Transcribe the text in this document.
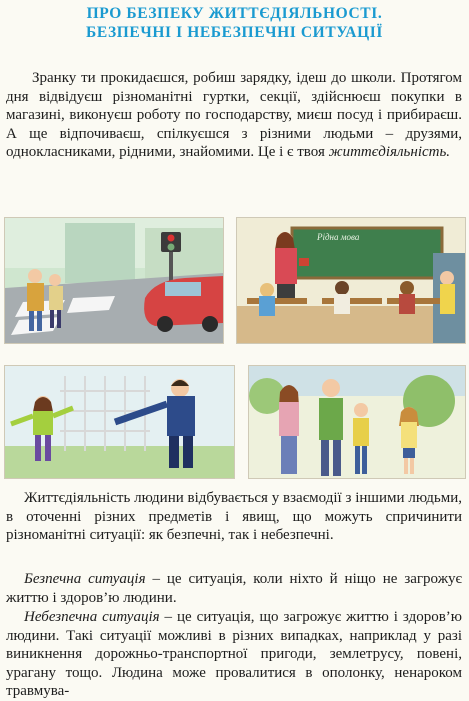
ПРО БЕЗПЕКУ ЖИТТЄДІЯЛЬНОСТІ.
БЕЗПЕЧНІ І НЕБЕЗПЕЧНІ СИТУАЦІЇ

Зранку ти прокидаєшся, робиш зарядку, ідеш до школи. Протягом дня відвідуєш різноманітні гуртки, секції, здійснюєш покупки в магазині, виконуєш роботу по господарству, миєш посуд і прибираєш. А ще відпочиваєш, спілкуєшся з різними людьми – друзями, однокласниками, рідними, знайомими. Це і є твоя життєдіяльність.

Рідна мова

Життєдіяльність людини відбувається у взаємодії з іншими людьми, в оточенні різних предметів і явищ, що можуть спричинити різноманітні ситуації: як безпечні, так і небезпечні.

Безпечна ситуація – це ситуація, коли ніхто й ніщо не загрожує життю і здоров’ю людини.

Небезпечна ситуація – це ситуація, що загрожує життю і здоров’ю людини. Такі ситуації можливі в різних випадках, наприклад у разі виникнення дорожньо-транспортної пригоди, землетрусу, повені, урагану тощо. Людина може провалитися в ополонку, ненароком травмува-
